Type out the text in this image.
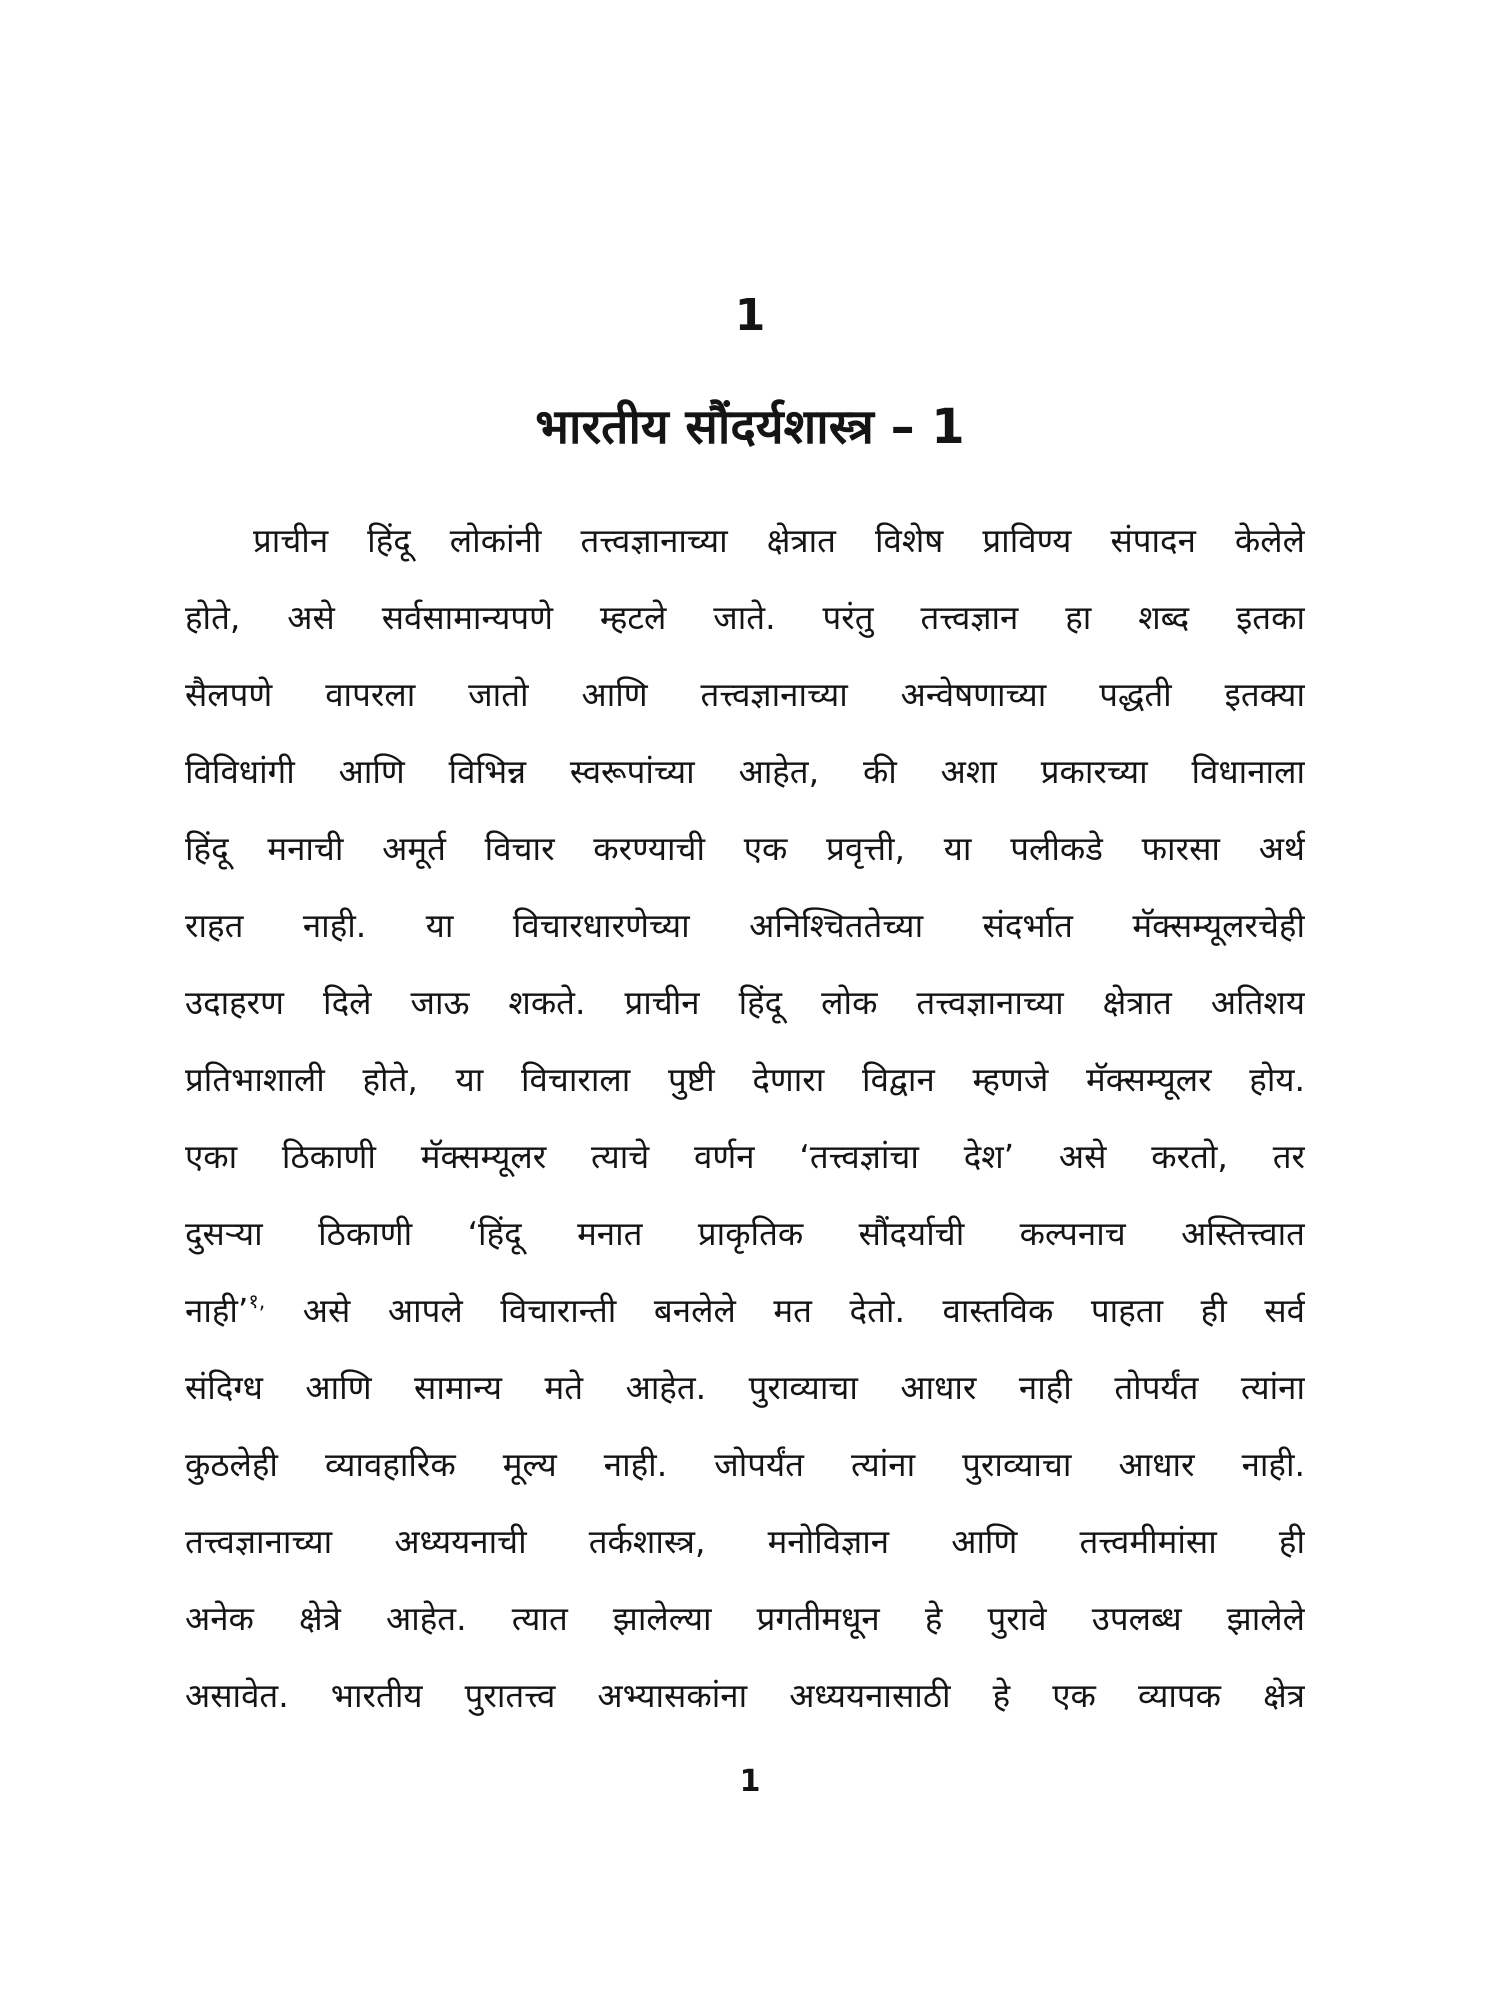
1
भारतीय सौंदर्यशास्त्र – 1
प्राचीन हिंदू लोकांनी तत्त्वज्ञानाच्या क्षेत्रात विशेष प्राविण्य संपादन केलेले
होते, असे सर्वसामान्यपणे म्हटले जाते. परंतु तत्त्वज्ञान हा शब्द इतका
सैलपणे वापरला जातो आणि तत्त्वज्ञानाच्या अन्वेषणाच्या पद्धती इतक्या
विविधांगी आणि विभिन्न स्वरूपांच्या आहेत, की अशा प्रकारच्या विधानाला
हिंदू मनाची अमूर्त विचार करण्याची एक प्रवृत्ती, या पलीकडे फारसा अर्थ
राहत नाही. या विचारधारणेच्या अनिश्चिततेच्या संदर्भात मॅक्सम्यूलरचेही
उदाहरण दिले जाऊ शकते. प्राचीन हिंदू लोक तत्त्वज्ञानाच्या क्षेत्रात अतिशय
प्रतिभाशाली होते, या विचाराला पुष्टी देणारा विद्वान म्हणजे मॅक्सम्यूलर होय.
एका ठिकाणी मॅक्सम्यूलर त्याचे वर्णन ‘तत्त्वज्ञांचा देश’ असे करतो, तर
दुसऱ्या ठिकाणी ‘हिंदू मनात प्राकृतिक सौंदर्याची कल्पनाच अस्तित्त्वात
नाही’$^{१,}$ असे आपले विचारान्ती बनलेले मत देतो. वास्तविक पाहता ही सर्व
संदिग्ध आणि सामान्य मते आहेत. पुराव्याचा आधार नाही तोपर्यंत त्यांना
कुठलेही व्यावहारिक मूल्य नाही. जोपर्यंत त्यांना पुराव्याचा आधार नाही.
तत्त्वज्ञानाच्या अध्ययनाची तर्कशास्त्र, मनोविज्ञान आणि तत्त्वमीमांसा ही
अनेक क्षेत्रे आहेत. त्यात झालेल्या प्रगतीमधून हे पुरावे उपलब्ध झालेले
असावेत. भारतीय पुरातत्त्व अभ्यासकांना अध्ययनासाठी हे एक व्यापक क्षेत्र
1
